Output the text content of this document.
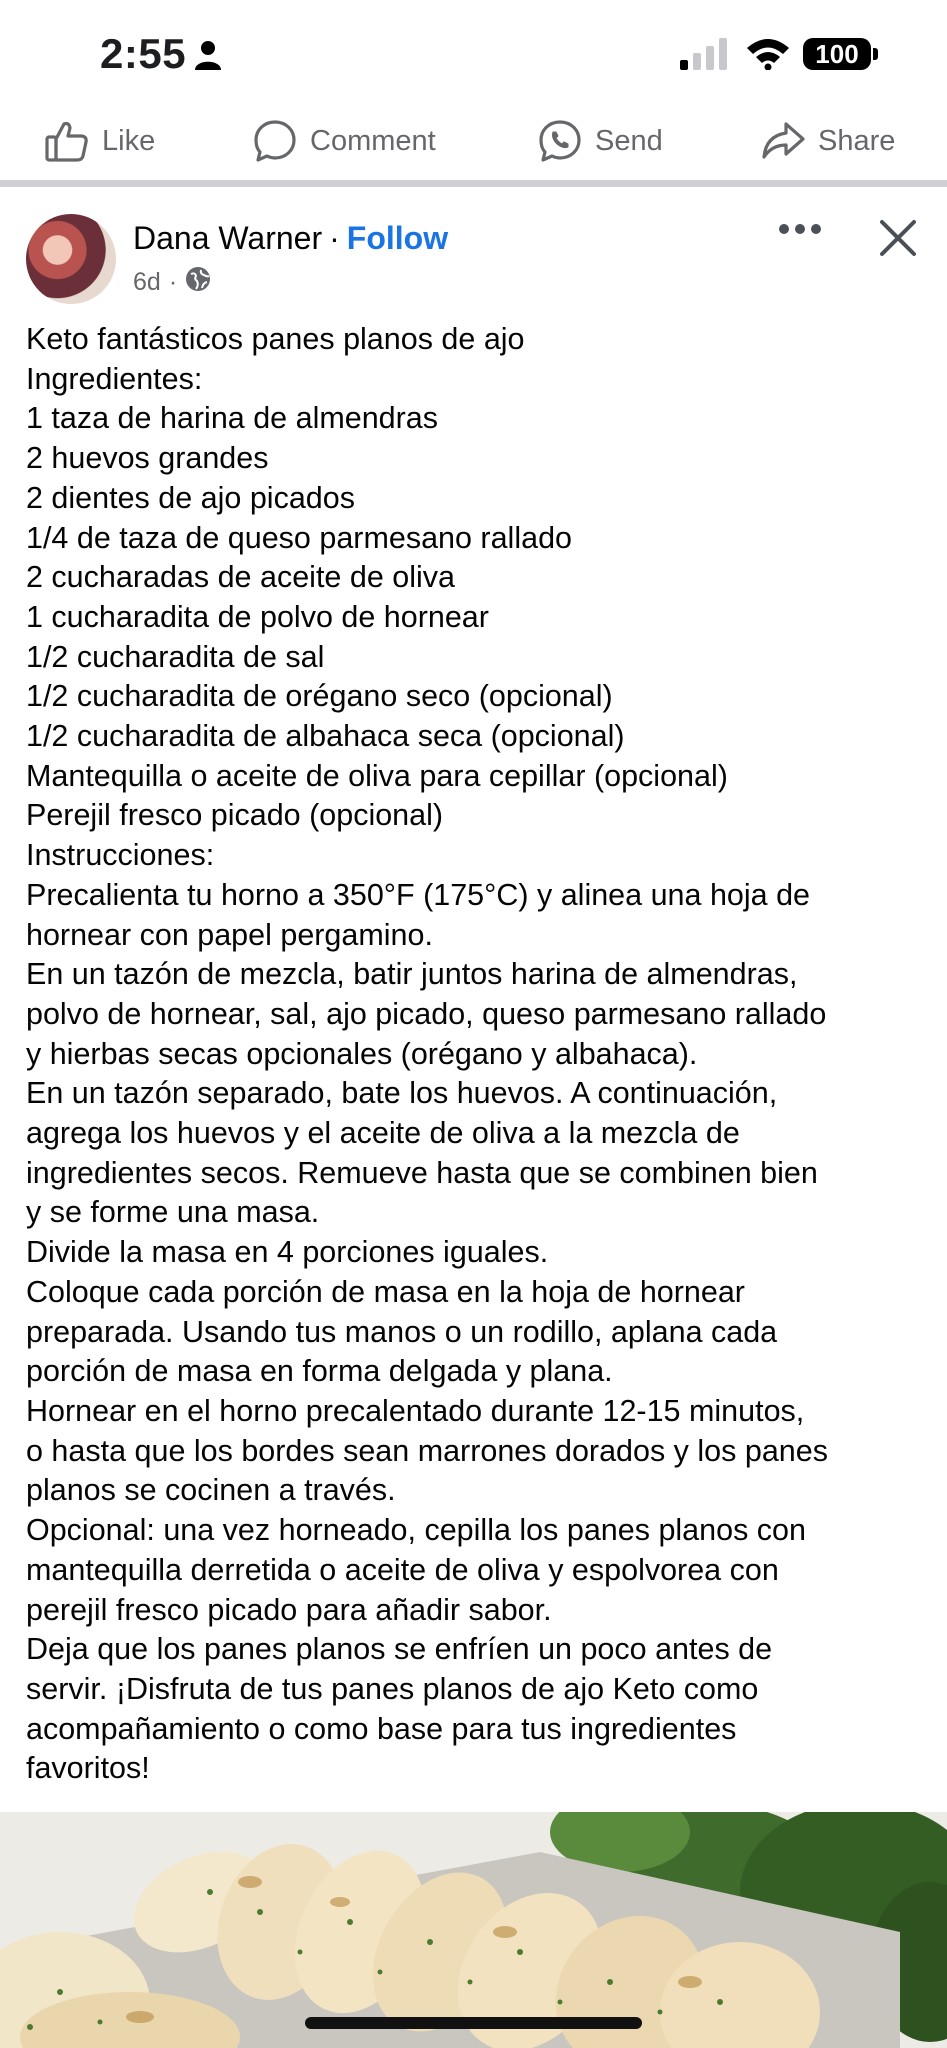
2:55	100
Like	Comment	Send	Share
Dana Warner · Follow
6d ·
Keto fantásticos panes planos de ajo
Ingredientes:
1 taza de harina de almendras
2 huevos grandes
2 dientes de ajo picados
1/4 de taza de queso parmesano rallado
2 cucharadas de aceite de oliva
1 cucharadita de polvo de hornear
1/2 cucharadita de sal
1/2 cucharadita de orégano seco (opcional)
1/2 cucharadita de albahaca seca (opcional)
Mantequilla o aceite de oliva para cepillar (opcional)
Perejil fresco picado (opcional)
Instrucciones:
Precalienta tu horno a 350°F (175°C) y alinea una hoja de
hornear con papel pergamino.
En un tazón de mezcla, batir juntos harina de almendras,
polvo de hornear, sal, ajo picado, queso parmesano rallado
y hierbas secas opcionales (orégano y albahaca).
En un tazón separado, bate los huevos. A continuación,
agrega los huevos y el aceite de oliva a la mezcla de
ingredientes secos. Remueve hasta que se combinen bien
y se forme una masa.
Divide la masa en 4 porciones iguales.
Coloque cada porción de masa en la hoja de hornear
preparada. Usando tus manos o un rodillo, aplana cada
porción de masa en forma delgada y plana.
Hornear en el horno precalentado durante 12-15 minutos,
o hasta que los bordes sean marrones dorados y los panes
planos se cocinen a través.
Opcional: una vez horneado, cepilla los panes planos con
mantequilla derretida o aceite de oliva y espolvorea con
perejil fresco picado para añadir sabor.
Deja que los panes planos se enfríen un poco antes de
servir. ¡Disfruta de tus panes planos de ajo Keto como
acompañamiento o como base para tus ingredientes
favoritos!
